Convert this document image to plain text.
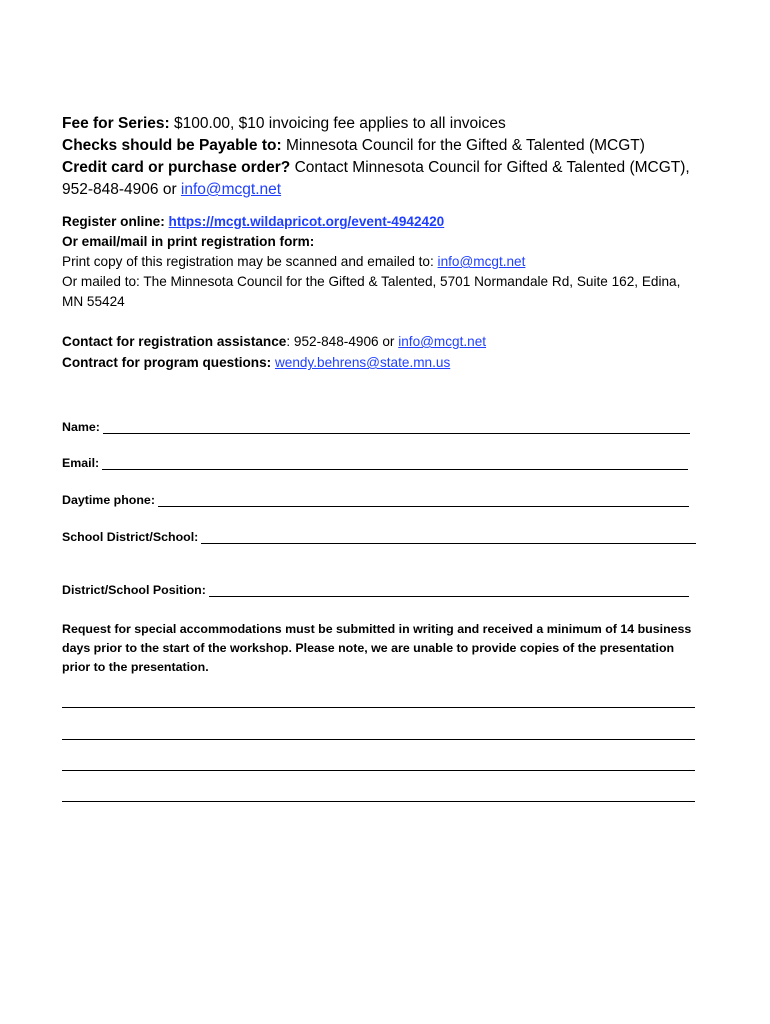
Fee for Series: $100.00, $10 invoicing fee applies to all invoices

Checks should be Payable to: Minnesota Council for the Gifted & Talented (MCGT)

Credit card or purchase order? Contact Minnesota Council for Gifted & Talented (MCGT), 952-848-4906 or info@mcgt.net

Register online: https://mcgt.wildapricot.org/event-4942420

Or email/mail in print registration form:

Print copy of this registration may be scanned and emailed to: info@mcgt.net

Or mailed to: The Minnesota Council for the Gifted & Talented, 5701 Normandale Rd, Suite 162, Edina, MN 55424

Contact for registration assistance: 952-848-4906 or info@mcgt.net

Contract for program questions: wendy.behrens@state.mn.us

Name:
Email:
Daytime phone:
School District/School:
District/School Position:
Request for special accommodations must be submitted in writing and received a minimum of 14 business days prior to the start of the workshop. Please note, we are unable to provide copies of the presentation prior to the presentation.
